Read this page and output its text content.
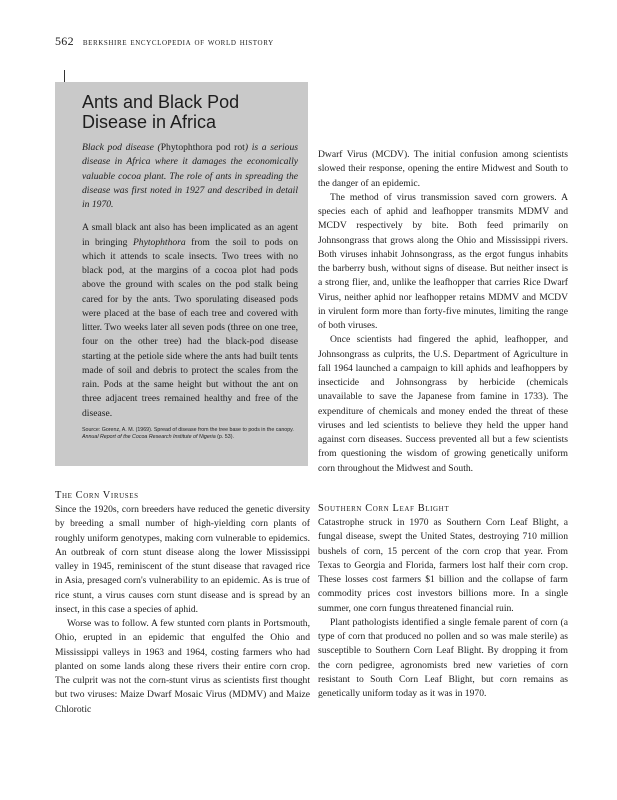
562 berkshire encyclopedia of world history
Ants and Black Pod
Disease in Africa

Black pod disease (Phytophthora pod rot) is a serious disease in Africa where it damages the economically valuable cocoa plant. The role of ants in spreading the disease was first noted in 1927 and described in detail in 1970.

A small black ant also has been implicated as an agent in bringing Phytophthora from the soil to pods on which it attends to scale insects. Two trees with no black pod, at the margins of a cocoa plot had pods above the ground with scales on the pod stalk being cared for by the ants. Two sporulating diseased pods were placed at the base of each tree and covered with litter. Two weeks later all seven pods (three on one tree, four on the other tree) had the black-pod disease starting at the petiole side where the ants had built tents made of soil and debris to protect the scales from the rain. Pods at the same height but without the ant on three adjacent trees remained healthy and free of the disease.

Source: Gorenz, A. M. (1969). Spread of disease from the tree base to pods in the canopy. Annual Report of the Cocoa Research Institute of Nigeria (p. 53).
The Corn Viruses

Since the 1920s, corn breeders have reduced the genetic diversity by breeding a small number of high-yielding corn plants of roughly uniform genotypes, making corn vulnerable to epidemics. An outbreak of corn stunt disease along the lower Mississippi valley in 1945, reminiscent of the stunt disease that ravaged rice in Asia, presaged corn's vulnerability to an epidemic. As is true of rice stunt, a virus causes corn stunt disease and is spread by an insect, in this case a species of aphid.

Worse was to follow. A few stunted corn plants in Portsmouth, Ohio, erupted in an epidemic that engulfed the Ohio and Mississippi valleys in 1963 and 1964, costing farmers who had planted on some lands along these rivers their entire corn crop. The culprit was not the corn-stunt virus as scientists first thought but two viruses: Maize Dwarf Mosaic Virus (MDMV) and Maize Chlorotic

Dwarf Virus (MCDV). The initial confusion among scientists slowed their response, opening the entire Midwest and South to the danger of an epidemic.

The method of virus transmission saved corn growers. A species each of aphid and leafhopper transmits MDMV and MCDV respectively by bite. Both feed primarily on Johnsongrass that grows along the Ohio and Mississippi rivers. Both viruses inhabit Johnsongrass, as the ergot fungus inhabits the barberry bush, without signs of disease. But neither insect is a strong flier, and, unlike the leafhopper that carries Rice Dwarf Virus, neither aphid nor leafhopper retains MDMV and MCDV in virulent form more than forty-five minutes, limiting the range of both viruses.

Once scientists had fingered the aphid, leafhopper, and Johnsongrass as culprits, the U.S. Department of Agriculture in fall 1964 launched a campaign to kill aphids and leafhoppers by insecticide and Johnsongrass by herbicide (chemicals unavailable to save the Japanese from famine in 1733). The expenditure of chemicals and money ended the threat of these viruses and led scientists to believe they held the upper hand against corn diseases. Success prevented all but a few scientists from questioning the wisdom of growing genetically uniform corn throughout the Midwest and South.

Southern Corn Leaf Blight

Catastrophe struck in 1970 as Southern Corn Leaf Blight, a fungal disease, swept the United States, destroying 710 million bushels of corn, 15 percent of the corn crop that year. From Texas to Georgia and Florida, farmers lost half their corn crop. These losses cost farmers $1 billion and the collapse of farm commodity prices cost investors billions more. In a single summer, one corn fungus threatened financial ruin.

Plant pathologists identified a single female parent of corn (a type of corn that produced no pollen and so was male sterile) as susceptible to Southern Corn Leaf Blight. By dropping it from the corn pedigree, agronomists bred new varieties of corn resistant to South Corn Leaf Blight, but corn remains as genetically uniform today as it was in 1970.
